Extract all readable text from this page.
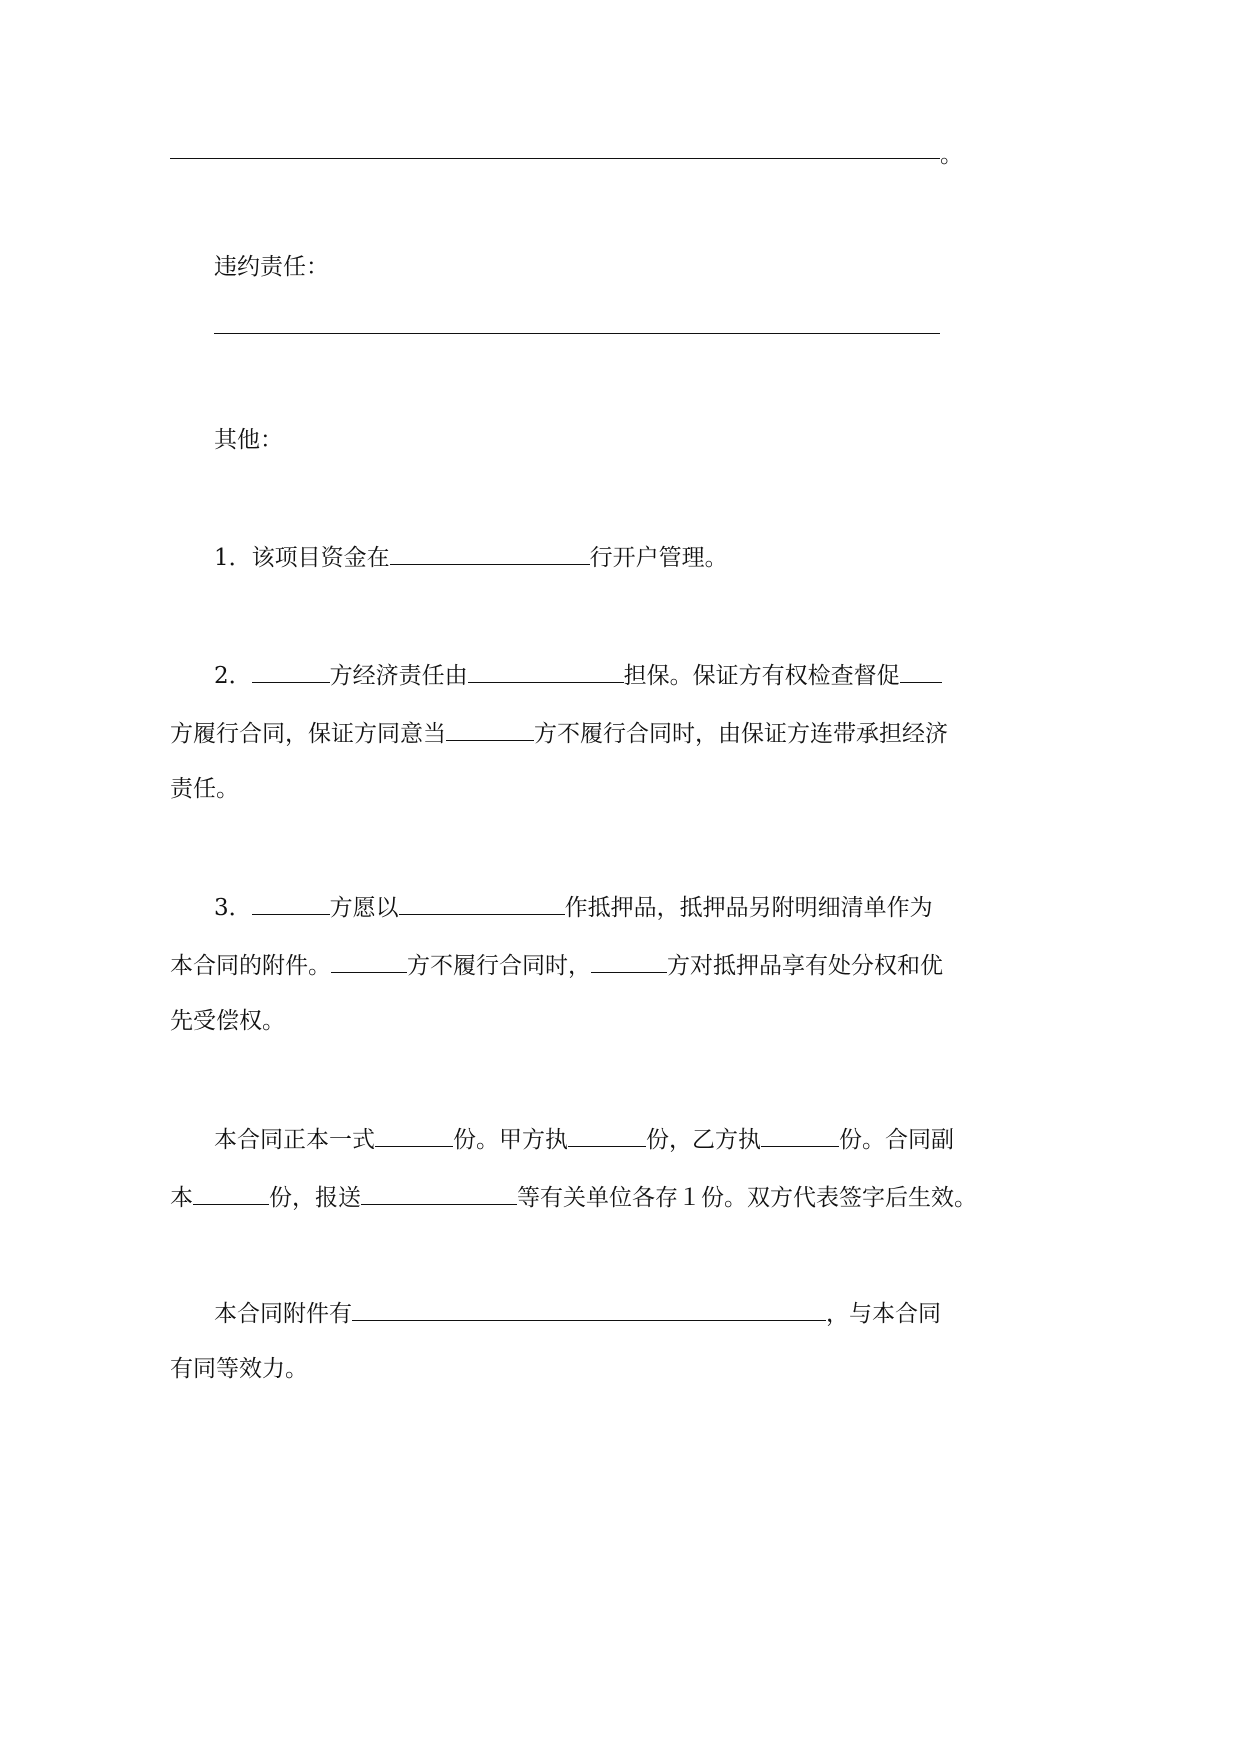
。
违约责任：
其他：
1．该项目资金在	行开户管理。
2．	方经济责任由	担保。保证方有权检查督促
方履行合同，保证方同意当	方不履行合同时，由保证方连带承担经济
责任。
3．	方愿以	作抵押品，抵押品另附明细清单作为
本合同的附件。	方不履行合同时，	方对抵押品享有处分权和优
先受偿权。
本合同正本一式	份。甲方执	份，乙方执	份。合同副
本	份，报送	等有关单位各存１份。双方代表签字后生效。
本合同附件有	，与本合同
有同等效力。
